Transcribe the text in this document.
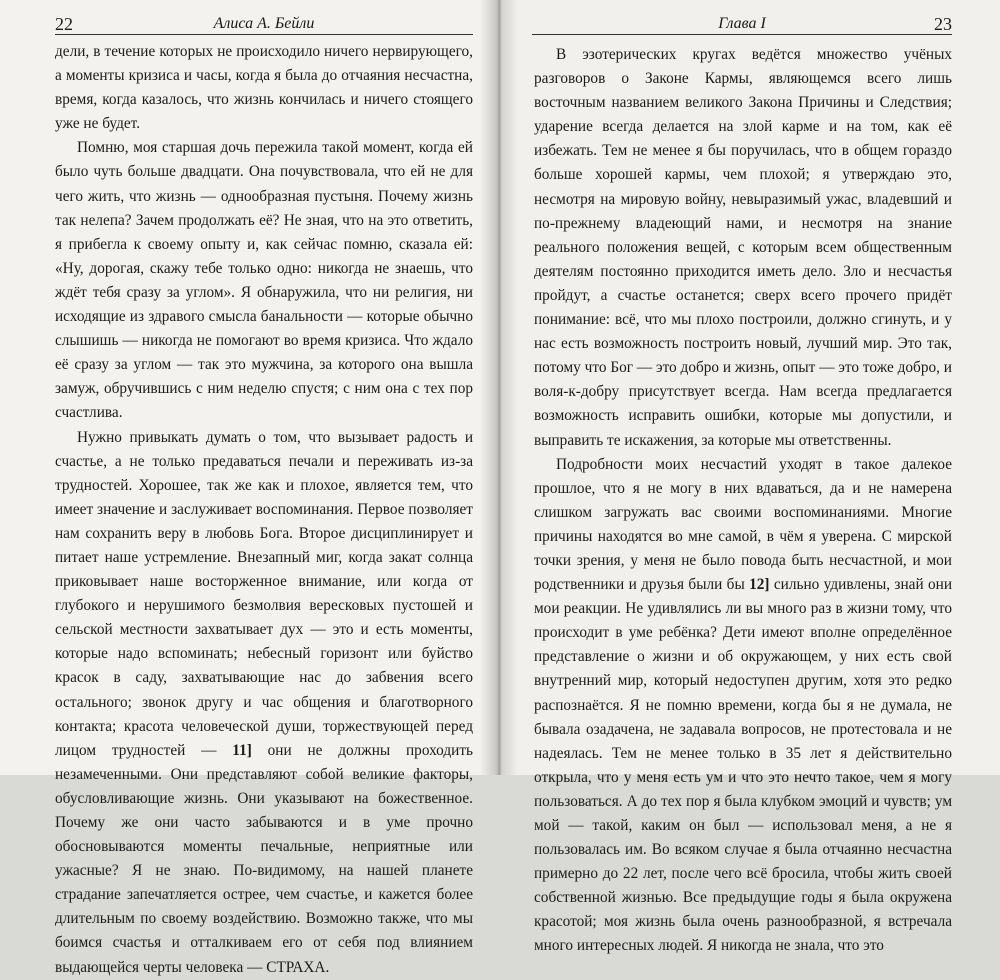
22	Алиса А. Бейли

дели, в течение которых не происходило ничего нервирующего, а моменты кризиса и часы, когда я была до отчаяния несчастна, время, когда казалось, что жизнь кончилась и ничего стоящего уже не будет.

Помню, моя старшая дочь пережила такой момент, когда ей было чуть больше двадцати. Она почувствовала, что ей не для чего жить, что жизнь — однообразная пустыня. Почему жизнь так нелепа? Зачем продолжать её? Не зная, что на это ответить, я прибегла к своему опыту и, как сейчас помню, сказала ей: «Ну, дорогая, скажу тебе только одно: никогда не знаешь, что ждёт тебя сразу за углом». Я обнаружила, что ни религия, ни исходящие из здравого смысла банальности — которые обычно слышишь — никогда не помогают во время кризиса. Что ждало её сразу за углом — так это мужчина, за которого она вышла замуж, обручившись с ним неделю спустя; с ним она с тех пор счастлива.

Нужно привыкать думать о том, что вызывает радость и счастье, а не только предаваться печали и переживать из-за трудностей. Хорошее, так же как и плохое, является тем, что имеет значение и заслуживает воспоминания. Первое позволяет нам сохранить веру в любовь Бога. Второе дисциплинирует и питает наше устремление. Внезапный миг, когда закат солнца приковывает наше восторженное внимание, или когда от глубокого и нерушимого безмолвия вересковых пустошей и сельской местности захватывает дух — это и есть моменты, которые надо вспоминать; небесный горизонт или буйство красок в саду, захватывающие нас до забвения всего остального; звонок другу и час общения и благотворного контакта; красота человеческой души, торжествующей перед лицом трудностей — 11] они не должны проходить незамеченными. Они представляют собой великие факторы, обусловливающие жизнь. Они указывают на божественное. Почему же они часто забываются и в уме прочно обосновываются моменты печальные, неприятные или ужасные? Я не знаю. По-видимому, на нашей планете страдание запечатляется острее, чем счастье, и кажется более длительным по своему воздействию. Возможно также, что мы боимся счастья и отталкиваем его от себя под влиянием выдающейся черты человека — СТРАХА.

Глава I	23

В эзотерических кругах ведётся множество учёных разговоров о Законе Кармы, являющемся всего лишь восточным названием великого Закона Причины и Следствия; ударение всегда делается на злой карме и на том, как её избежать. Тем не менее я бы поручилась, что в общем гораздо больше хорошей кармы, чем плохой; я утверждаю это, несмотря на мировую войну, невыразимый ужас, владевший и по-прежнему владеющий нами, и несмотря на знание реального положения вещей, с которым всем общественным деятелям постоянно приходится иметь дело. Зло и несчастья пройдут, а счастье останется; сверх всего прочего придёт понимание: всё, что мы плохо построили, должно сгинуть, и у нас есть возможность построить новый, лучший мир. Это так, потому что Бог — это добро и жизнь, опыт — это тоже добро, и воля-к-добру присутствует всегда. Нам всегда предлагается возможность исправить ошибки, которые мы допустили, и выправить те искажения, за которые мы ответственны.

Подробности моих несчастий уходят в такое далекое прошлое, что я не могу в них вдаваться, да и не намерена слишком загружать вас своими воспоминаниями. Многие причины находятся во мне самой, в чём я уверена. С мирской точки зрения, у меня не было повода быть несчастной, и мои родственники и друзья были бы 12] сильно удивлены, знай они мои реакции. Не удивлялись ли вы много раз в жизни тому, что происходит в уме ребёнка? Дети имеют вполне определённое представление о жизни и об окружающем, у них есть свой внутренний мир, который недоступен другим, хотя это редко распознаётся. Я не помню времени, когда бы я не думала, не бывала озадачена, не задавала вопросов, не протестовала и не надеялась. Тем не менее только в 35 лет я действительно открыла, что у меня есть ум и что это нечто такое, чем я могу пользоваться. А до тех пор я была клубком эмоций и чувств; ум мой — такой, каким он был — использовал меня, а не я пользовалась им. Во всяком случае я была отчаянно несчастна примерно до 22 лет, после чего всё бросила, чтобы жить своей собственной жизнью. Все предыдущие годы я была окружена красотой; моя жизнь была очень разнообразной, я встречала много интересных людей. Я никогда не знала, что это
